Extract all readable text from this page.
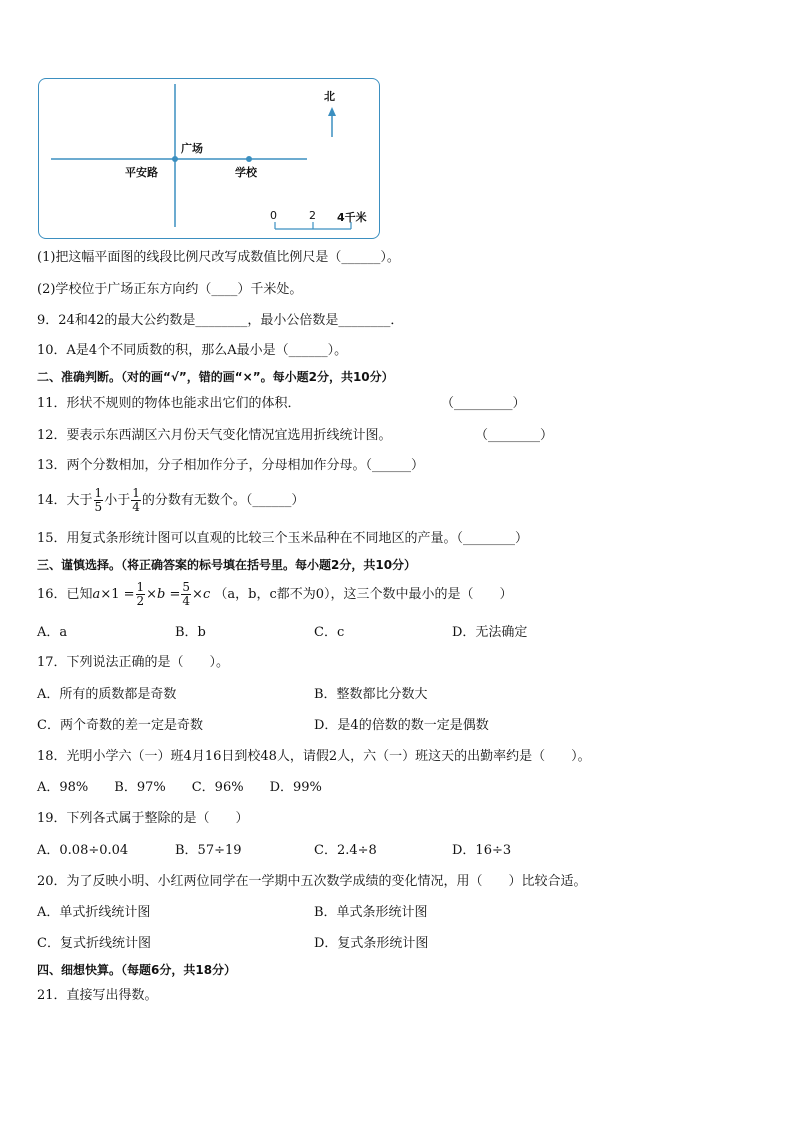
北
广场
平安路	学校
0	2 4千米
(1)把这幅平面图的线段比例尺改写成数值比例尺是（______）。
(2)学校位于广场正东方向约（____）千米处。
9．24和42的最大公约数是________，最小公倍数是________．
10．A是4个不同质数的积，那么A最小是（______）。
二、准确判断。（对的画“√”，错的画“×”。每小题2分，共10分）
11．形状不规则的物体也能求出它们的体积．	（_________）
12．要表示东西湖区六月份天气变化情况宜选用折线统计图。	（________）
13．两个分数相加，分子相加作分子，分母相加作分母。（______）
14．大于 $\frac{1}{5}$ 小于 $\frac{1}{4}$ 的分数有无数个。（______）
15．用复式条形统计图可以直观的比较三个玉米品种在不同地区的产量。（________）
三、谨慎选择。（将正确答案的标号填在括号里。每小题2分，共10分）
16．已知$a\times 1 = \frac{1}{2} \times b = \frac{5}{4} \times c$ （a，b，c都不为0），这三个数中最小的是（　　）
A．a	B．b	C．c	D．无法确定
17．下列说法正确的是（　　）。
A．所有的质数都是奇数	B．整数都比分数大
C．两个奇数的差一定是奇数	D．是4的倍数的数一定是偶数
18．光明小学六（一）班4月16日到校48人，请假2人，六（一）班这天的出勤率约是（　　）。
A．98%　　B．97%　　C．96%　　D．99%
19．下列各式属于整除的是（　　）
A．0.08÷0.04	B．57÷19	C．2.4÷8	D．16÷3
20．为了反映小明、小红两位同学在一学期中五次数学成绩的变化情况，用（　　）比较合适。
A．单式折线统计图	B．单式条形统计图
C．复式折线统计图	D．复式条形统计图
四、细想快算。（每题6分，共18分）
21．直接写出得数。
